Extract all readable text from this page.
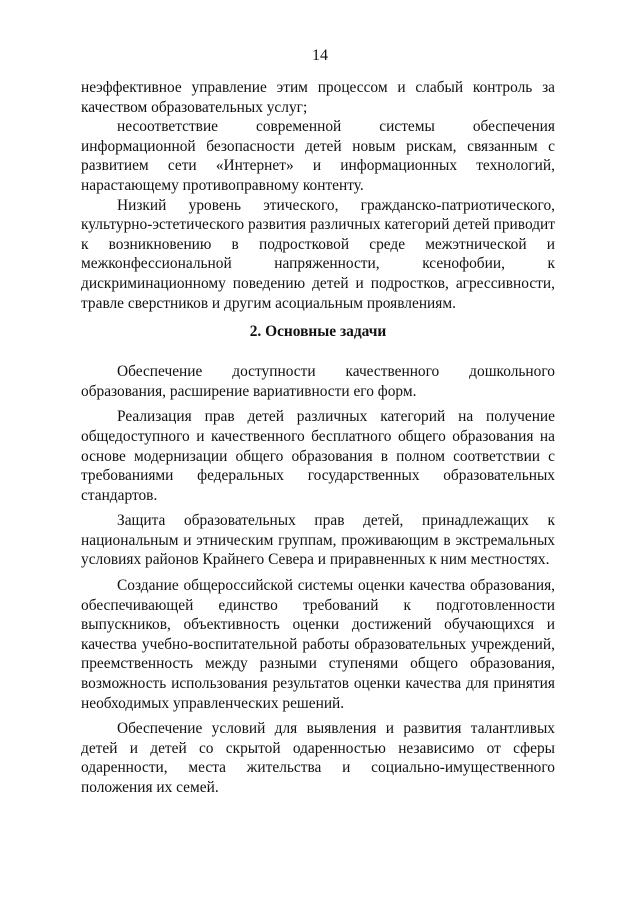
14

неэффективное управление этим процессом и слабый контроль за качеством образовательных услуг;

несоответствие современной системы обеспечения информационной безопасности детей новым рискам, связанным с развитием сети «Интернет» и информационных технологий, нарастающему противоправному контенту.

Низкий уровень этического, гражданско-патриотического, культурно-эстетического развития различных категорий детей приводит к возникновению в подростковой среде межэтнической и межконфессиональной напряженности, ксенофобии, к дискриминационному поведению детей и подростков, агрессивности, травле сверстников и другим асоциальным проявлениям.

2. Основные задачи

Обеспечение доступности качественного дошкольного образования, расширение вариативности его форм.

Реализация прав детей различных категорий на получение общедоступного и качественного бесплатного общего образования на основе модернизации общего образования в полном соответствии с требованиями федеральных государственных образовательных стандартов.

Защита образовательных прав детей, принадлежащих к национальным и этническим группам, проживающим в экстремальных условиях районов Крайнего Севера и приравненных к ним местностях.

Создание общероссийской системы оценки качества образования, обеспечивающей единство требований к подготовленности выпускников, объективность оценки достижений обучающихся и качества учебно-воспитательной работы образовательных учреждений, преемственность между разными ступенями общего образования, возможность использования результатов оценки качества для принятия необходимых управленческих решений.

Обеспечение условий для выявления и развития талантливых детей и детей со скрытой одаренностью независимо от сферы одаренности, места жительства и социально-имущественного положения их семей.
